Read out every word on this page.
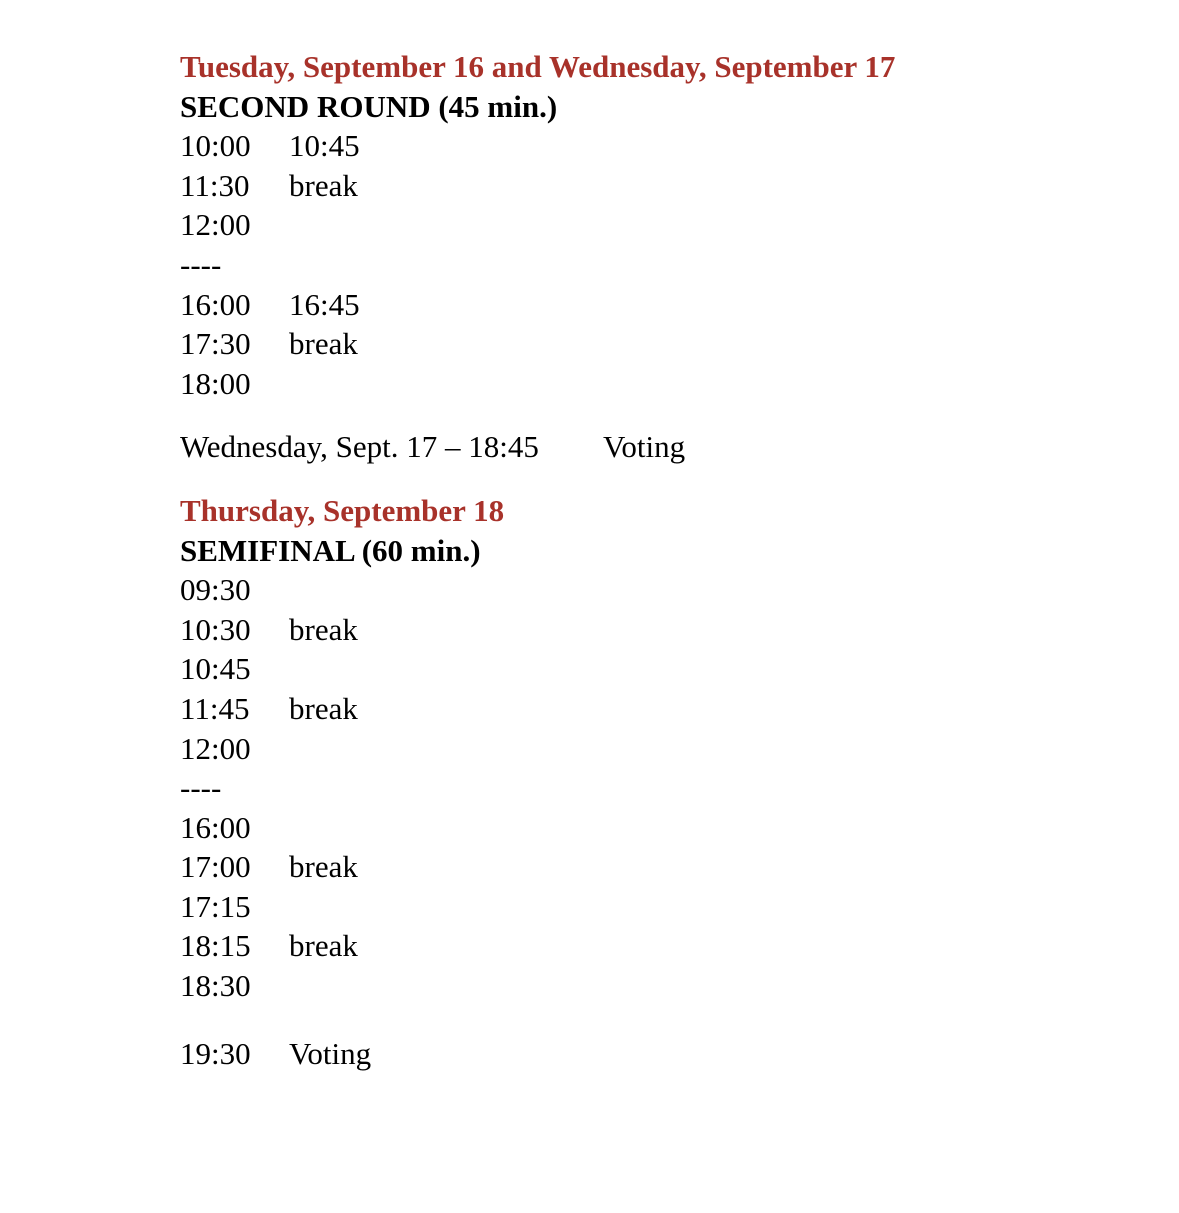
Tuesday, September 16 and Wednesday, September 17
SECOND ROUND (45 min.)
10:00 10:45
11:30 break
12:00
----
16:00 16:45
17:30 break
18:00
Wednesday, Sept. 17 – 18:45 Voting
Thursday, September 18
SEMIFINAL (60 min.)
09:30
10:30 break
10:45
11:45 break
12:00
----
16:00
17:00 break
17:15
18:15 break
18:30
19:30 Voting
